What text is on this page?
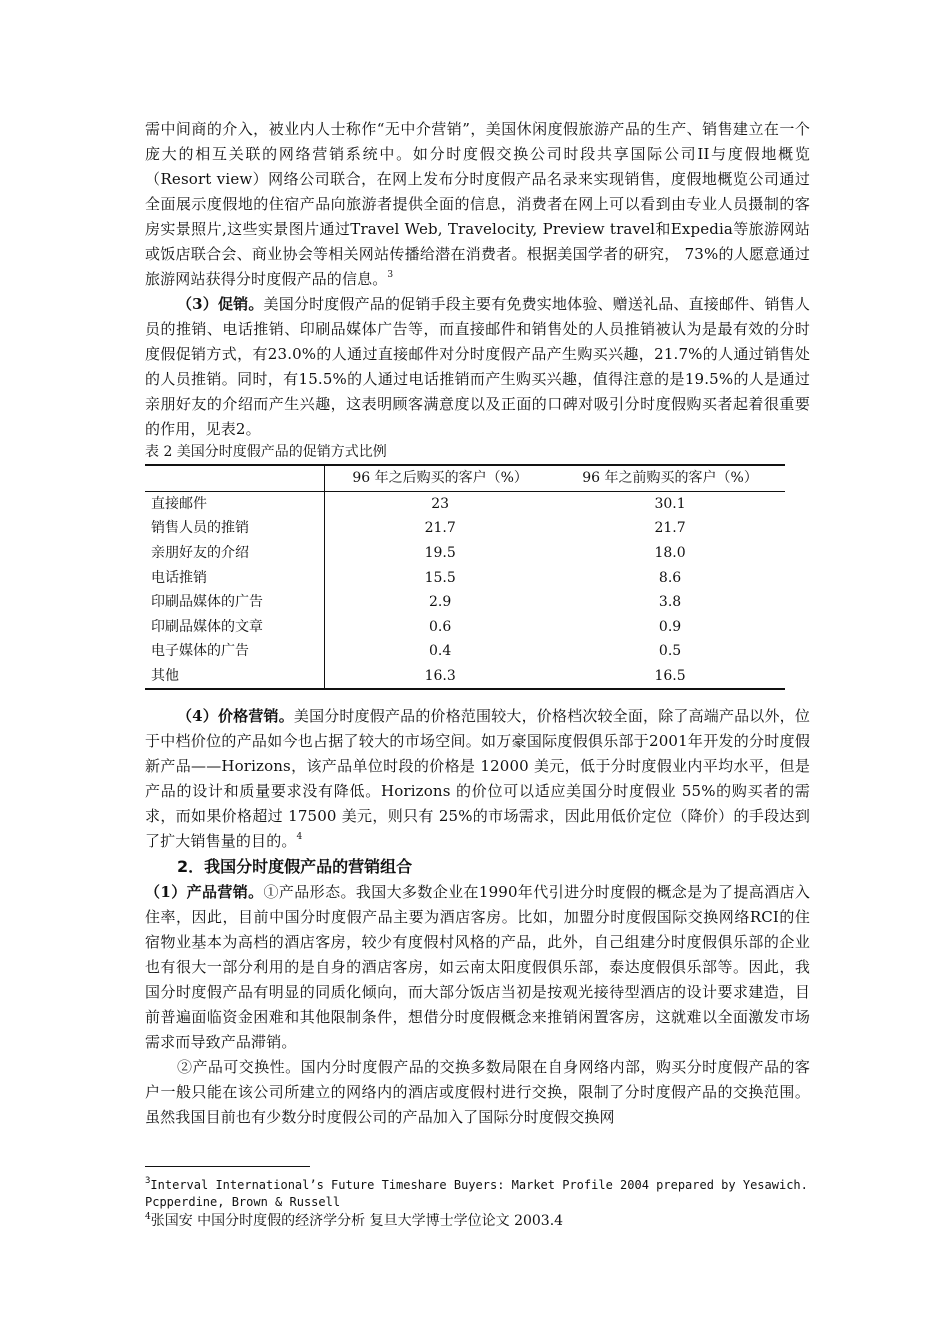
需中间商的介入，被业内人士称作“无中介营销”，美国休闲度假旅游产品的生产、销售建立在一个庞大的相互关联的网络营销系统中。如分时度假交换公司时段共享国际公司II与度假地概览（Resort view）网络公司联合，在网上发布分时度假产品名录来实现销售，度假地概览公司通过全面展示度假地的住宿产品向旅游者提供全面的信息，消费者在网上可以看到由专业人员摄制的客房实景照片,这些实景图片通过Travel Web, Travelocity, Preview travel和Expedia等旅游网站或饭店联合会、商业协会等相关网站传播给潜在消费者。根据美国学者的研究， 73%的人愿意通过旅游网站获得分时度假产品的信息。$^3$

（3）促销。美国分时度假产品的促销手段主要有免费实地体验、赠送礼品、直接邮件、销售人员的推销、电话推销、印刷品媒体广告等，而直接邮件和销售处的人员推销被认为是最有效的分时度假促销方式，有23.0%的人通过直接邮件对分时度假产品产生购买兴趣，21.7%的人通过销售处的人员推销。同时，有15.5%的人通过电话推销而产生购买兴趣，值得注意的是19.5%的人是通过亲朋好友的介绍而产生兴趣，这表明顾客满意度以及正面的口碑对吸引分时度假购买者起着很重要的作用，见表2。

表 2 美国分时度假产品的促销方式比例

	96 年之后购买的客户（%）	96 年之前购买的客户（%）
直接邮件	23	30.1
销售人员的推销	21.7	21.7
亲朋好友的介绍	19.5	18.0
电话推销	15.5	8.6
印刷品媒体的广告	2.9	3.8
印刷品媒体的文章	0.6	0.9
电子媒体的广告	0.4	0.5
其他	16.3	16.5

（4）价格营销。美国分时度假产品的价格范围较大，价格档次较全面，除了高端产品以外，位于中档价位的产品如今也占据了较大的市场空间。如万豪国际度假俱乐部于2001年开发的分时度假新产品——Horizons，该产品单位时段的价格是 12000 美元，低于分时度假业内平均水平，但是产品的设计和质量要求没有降低。Horizons 的价位可以适应美国分时度假业 55%的购买者的需求，而如果价格超过 17500 美元，则只有 25%的市场需求，因此用低价定位（降价）的手段达到了扩大销售量的目的。$^4$

2．我国分时度假产品的营销组合

（1）产品营销。①产品形态。我国大多数企业在1990年代引进分时度假的概念是为了提高酒店入住率，因此，目前中国分时度假产品主要为酒店客房。比如，加盟分时度假国际交换网络RCI的住宿物业基本为高档的酒店客房，较少有度假村风格的产品，此外，自己组建分时度假俱乐部的企业也有很大一部分利用的是自身的酒店客房，如云南太阳度假俱乐部，泰达度假俱乐部等。因此，我国分时度假产品有明显的同质化倾向，而大部分饭店当初是按观光接待型酒店的设计要求建造，目前普遍面临资金困难和其他限制条件，想借分时度假概念来推销闲置客房，这就难以全面激发市场需求而导致产品滞销。

②产品可交换性。国内分时度假产品的交换多数局限在自身网络内部，购买分时度假产品的客户一般只能在该公司所建立的网络内的酒店或度假村进行交换，限制了分时度假产品的交换范围。虽然我国目前也有少数分时度假公司的产品加入了国际分时度假交换网

$^3$Interval International’s Future Timeshare Buyers: Market Profile 2004 prepared by Yesawich. Pcpperdine, Brown & Russell

$^4$张国安 中国分时度假的经济学分析 复旦大学博士学位论文 2003.4
